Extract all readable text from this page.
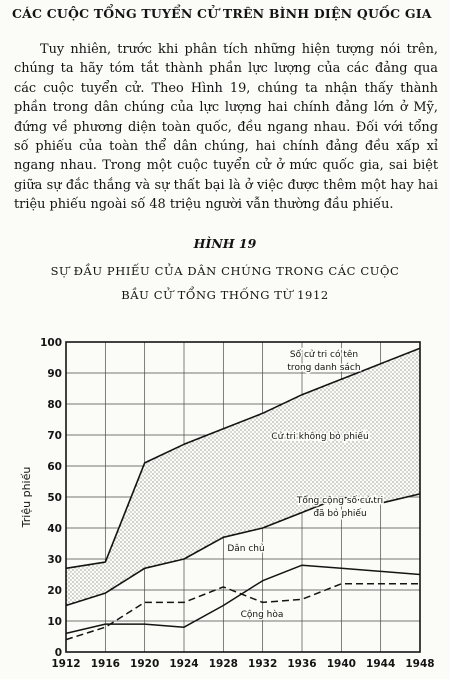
CÁC CUỘC TỔNG TUYỂN CỬ TRÊN BÌNH DIỆN QUỐC GIA
Tuy nhiên, trước khi phân tích những hiện tượng nói trên, chúng ta hãy tóm tắt thành phần lực lượng của các đảng qua các cuộc tuyển cử. Theo Hình 19, chúng ta nhận thấy thành phần trong dân chúng của lực lượng hai chính đảng lớn ở Mỹ, đứng về phương diện toàn quốc, đều ngang nhau. Đối với tổng số phiếu của toàn thể dân chúng, hai chính đảng đều xấp xỉ ngang nhau. Trong một cuộc tuyển cử ở mức quốc gia, sai biệt giữa sự đắc thắng và sự thất bại là ở việc được thêm một hay hai triệu phiếu ngoài số 48 triệu người vẫn thường đầu phiếu.
HÌNH 19
SỰ ĐẦU PHIẾU CỦA DÂN CHÚNG TRONG CÁC CUỘC
BẦU CỬ TỔNG THỐNG TỪ 1912
0
10
20
30
40
50
60
70
80
90
100
1912 1916 1920 1924 1928 1932 1936 1940 1944 1948
Triệu phiếu
Số cử tri có tên
trong danh sách
Cử tri không bỏ phiếu
Tổng cộng số cử tri
đã bỏ phiếu
Dân chủ
Cộng hòa
